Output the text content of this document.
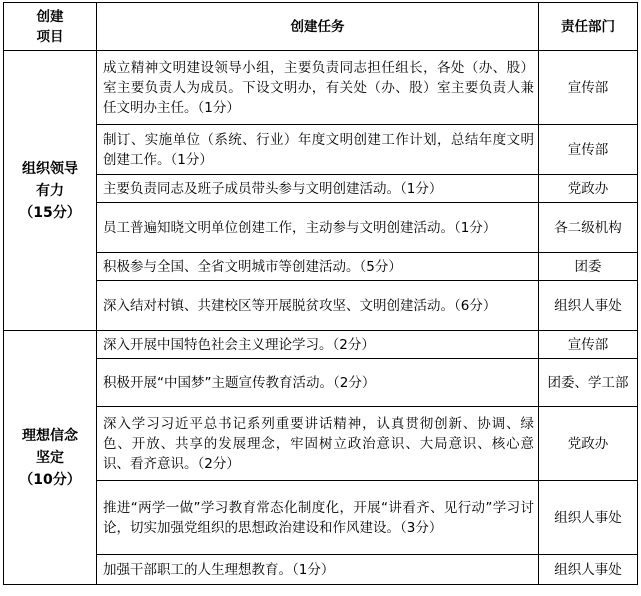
创建
项目	创建任务	责任部门

组织领导
有力
（15分）	成立精神文明建设领导小组，主要负责同志担任组长，各处（办、股）室主要负责人为成员。下设文明办，有关处（办、股）室主要负责人兼任文明办主任。（1分）	宣传部
	制订、实施单位（系统、行业）年度文明创建工作计划，总结年度文明创建工作。（1分）	宣传部
	主要负责同志及班子成员带头参与文明创建活动。（1分）	党政办
	员工普遍知晓文明单位创建工作，主动参与文明创建活动。（1分）	各二级机构
	积极参与全国、全省文明城市等创建活动。（5分）	团委
	深入结对村镇、共建校区等开展脱贫攻坚、文明创建活动。（6分）	组织人事处

理想信念
坚定
（10分）	深入开展中国特色社会主义理论学习。（2分）	宣传部
	积极开展“中国梦”主题宣传教育活动。（2分）	团委、学工部
	深入学习习近平总书记系列重要讲话精神，认真贯彻创新、协调、绿色、开放、共享的发展理念，牢固树立政治意识、大局意识、核心意识、看齐意识。（2分）	党政办
	推进“两学一做”学习教育常态化制度化，开展“讲看齐、见行动”学习讨论，切实加强党组织的思想政治建设和作风建设。（3分）	组织人事处
	加强干部职工的人生理想教育。（1分）	组织人事处
